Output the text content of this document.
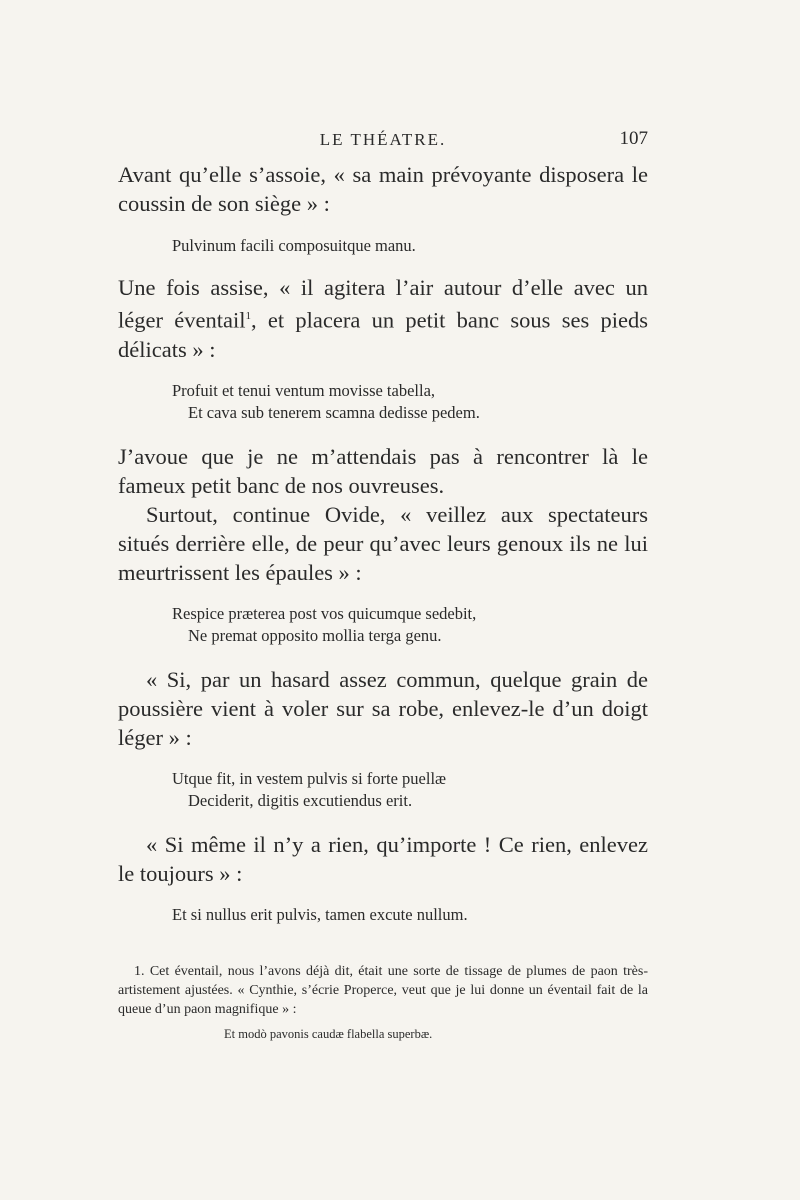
LE THÉATRE.	107

Avant qu’elle s’assoie, « sa main prévoyante disposera le coussin de son siège » :

Pulvinum facili composuitque manu.

Une fois assise, « il agitera l’air autour d’elle avec un léger éventail$^1$, et placera un petit banc sous ses pieds délicats » :

Profuit et tenui ventum movisse tabella,
Et cava sub tenerem scamna dedisse pedem.

J’avoue que je ne m’attendais pas à rencontrer là le fameux petit banc de nos ouvreuses.

Surtout, continue Ovide, « veillez aux spectateurs situés derrière elle, de peur qu’avec leurs genoux ils ne lui meurtrissent les épaules » :

Respice præterea post vos quicumque sedebit,
Ne premat opposito mollia terga genu.

« Si, par un hasard assez commun, quelque grain de poussière vient à voler sur sa robe, enlevez-le d’un doigt léger » :

Utque fit, in vestem pulvis si forte puellæ
Deciderit, digitis excutiendus erit.

« Si même il n’y a rien, qu’importe ! Ce rien, enlevez le toujours » :

Et si nullus erit pulvis, tamen excute nullum.

1. Cet éventail, nous l’avons déjà dit, était une sorte de tissage de plumes de paon très-artistement ajustées. « Cynthie, s’écrie Properce, veut que je lui donne un éventail fait de la queue d’un paon magnifique » :

Et modò pavonis caudæ flabella superbæ.
